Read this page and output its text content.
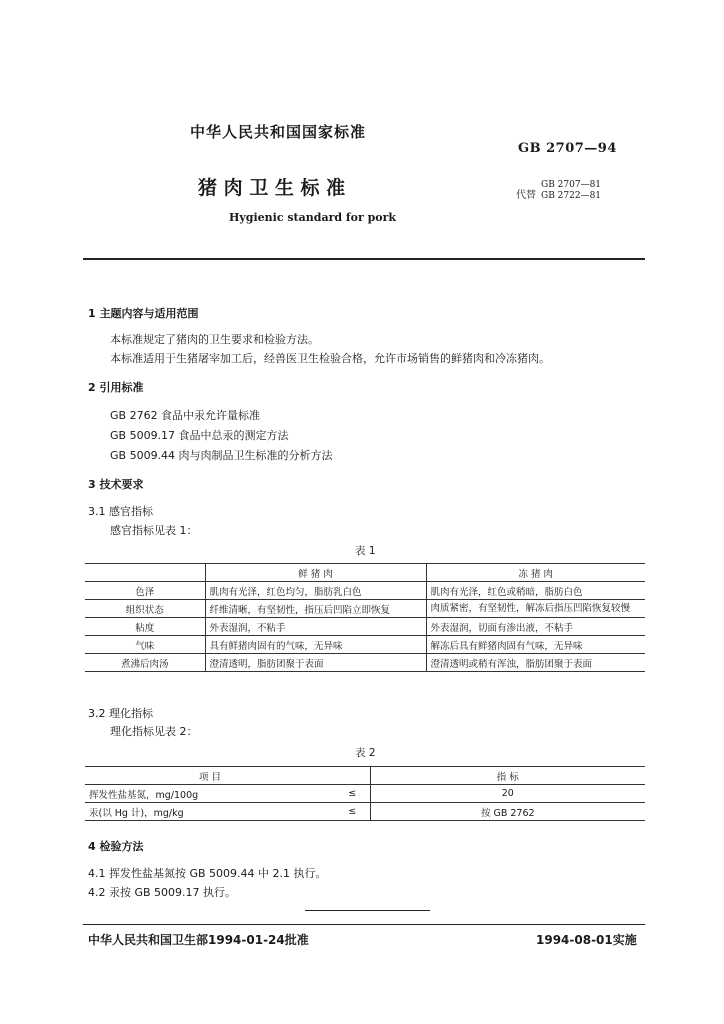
中华人民共和国国家标准
GB 2707—94
猪 肉 卫 生 标 准	代替
GB 2707—81
GB 2722—81
Hygienic standard for pork
1 主题内容与适用范围
本标准规定了猪肉的卫生要求和检验方法。
本标准适用于生猪屠宰加工后，经兽医卫生检验合格，允许市场销售的鲜猪肉和冷冻猪肉。
2 引用标准
GB 2762 食品中汞允许量标准
GB 5009.17 食品中总汞的测定方法
GB 5009.44 肉与肉制品卫生标准的分析方法
3 技术要求
3.1 感官指标
感官指标见表 1：
表 1
	鲜 猪 肉	冻 猪 肉
色泽	肌肉有光泽，红色均匀，脂肪乳白色	肌肉有光泽，红色或稍暗，脂肪白色
组织状态	纤维清晰，有坚韧性，指压后凹陷立即恢复	肉质紧密，有坚韧性，解冻后指压凹陷恢复较慢
粘度	外表湿润，不粘手	外表湿润，切面有渗出液，不粘手
气味	具有鲜猪肉固有的气味，无异味	解冻后具有鲜猪肉固有气味，无异味
煮沸后肉汤	澄清透明，脂肪团聚于表面	澄清透明或稍有浑浊，脂肪团聚于表面
3.2 理化指标
理化指标见表 2：
表 2
项 目		指 标
挥发性盐基氮，mg/100g	≤	20
汞(以 Hg 计)，mg/kg	≤	按 GB 2762
4 检验方法
4.1 挥发性盐基氮按 GB 5009.44 中 2.1 执行。
4.2 汞按 GB 5009.17 执行。
中华人民共和国卫生部1994-01-24批准	1994-08-01实施
